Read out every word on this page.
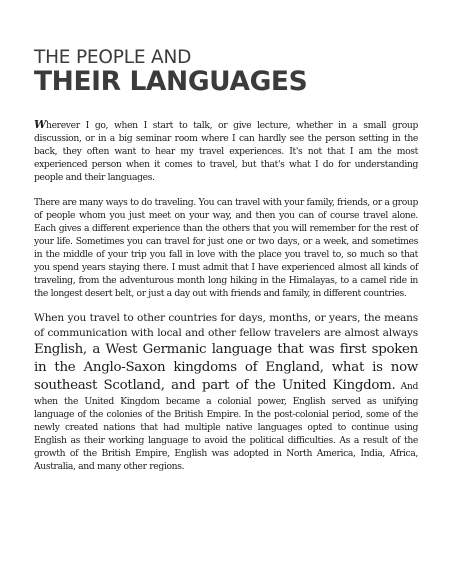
THE PEOPLE AND
THEIR LANGUAGES

Wherever I go, when I start to talk, or give lecture, whether in a small group discussion, or in a big seminar room where I can hardly see the person setting in the back, they often want to hear my travel experiences. It's not that I am the most experienced person when it comes to travel, but that's what I do for understanding people and their languages.

There are many ways to do traveling. You can travel with your family, friends, or a group of people whom you just meet on your way, and then you can of course travel alone. Each gives a different experience than the others that you will remember for the rest of your life. Sometimes you can travel for just one or two days, or a week, and sometimes in the middle of your trip you fall in love with the place you travel to, so much so that you spend years staying there. I must admit that I have experienced almost all kinds of traveling, from the adventurous month long hiking in the Himalayas, to a camel ride in the longest desert belt, or just a day out with friends and family, in different countries.

When you travel to other countries for days, months, or years, the means of communication with local and other fellow travelers are almost always English, a West Germanic language that was first spoken in the Anglo-Saxon kingdoms of England, what is now southeast Scotland, and part of the United Kingdom. And when the United Kingdom became a colonial power, English served as unifying language of the colonies of the British Empire. In the post-colonial period, some of the newly created nations that had multiple native languages opted to continue using English as their working language to avoid the political difficulties. As a result of the growth of the British Empire, English was adopted in North America, India, Africa, Australia, and many other regions.
